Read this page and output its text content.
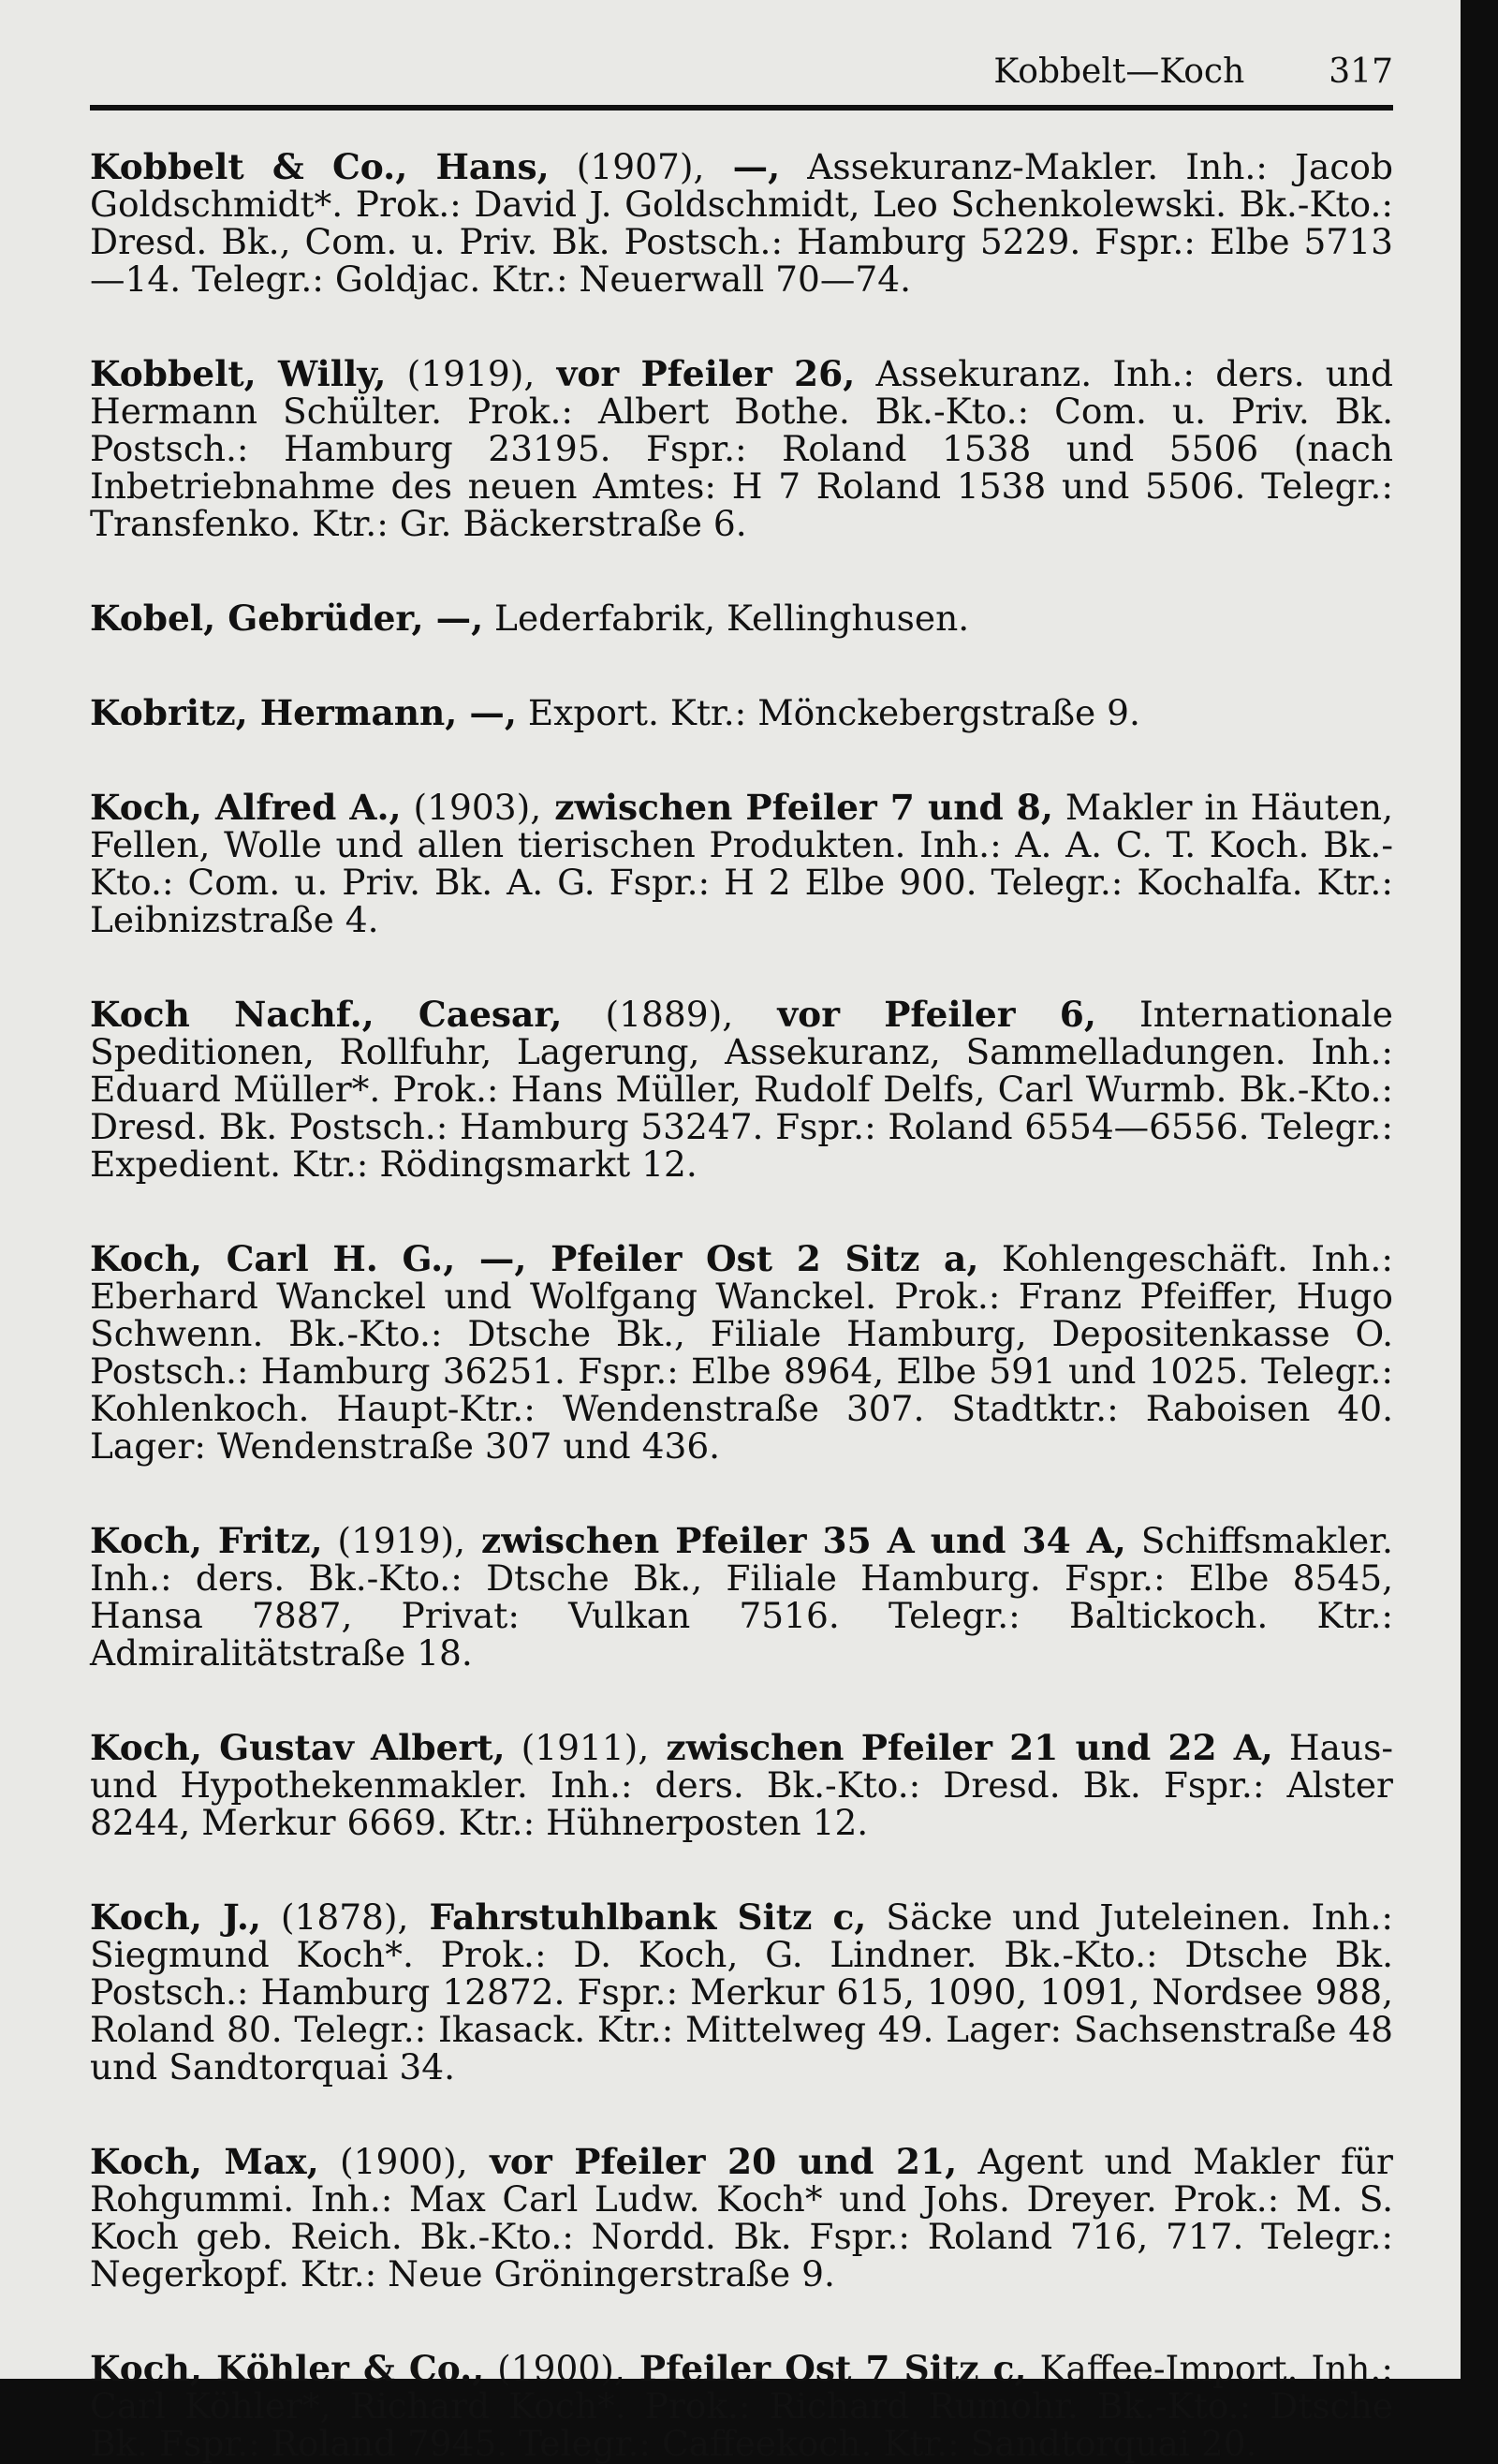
Kobbelt—Koch	317

Kobbelt & Co., Hans, (1907), —, Assekuranz-Makler. Inh.: Jacob Goldschmidt*. Prok.: David J. Goldschmidt, Leo Schenkolewski. Bk.-Kto.: Dresd. Bk., Com. u. Priv. Bk. Postsch.: Hamburg 5229. Fspr.: Elbe 5713—14. Telegr.: Goldjac. Ktr.: Neuerwall 70—74.

Kobbelt, Willy, (1919), vor Pfeiler 26, Assekuranz. Inh.: ders. und Hermann Schülter. Prok.: Albert Bothe. Bk.-Kto.: Com. u. Priv. Bk. Postsch.: Hamburg 23195. Fspr.: Roland 1538 und 5506 (nach Inbetriebnahme des neuen Amtes: H 7 Roland 1538 und 5506. Telegr.: Transfenko. Ktr.: Gr. Bäckerstraße 6.

Kobel, Gebrüder, —, Lederfabrik, Kellinghusen.

Kobritz, Hermann, —, Export. Ktr.: Mönckebergstraße 9.

Koch, Alfred A., (1903), zwischen Pfeiler 7 und 8, Makler in Häuten, Fellen, Wolle und allen tierischen Produkten. Inh.: A. A. C. T. Koch. Bk.-Kto.: Com. u. Priv. Bk. A. G. Fspr.: H 2 Elbe 900. Telegr.: Kochalfa. Ktr.: Leibnizstraße 4.

Koch Nachf., Caesar, (1889), vor Pfeiler 6, Internationale Speditionen, Rollfuhr, Lagerung, Assekuranz, Sammelladungen. Inh.: Eduard Müller*. Prok.: Hans Müller, Rudolf Delfs, Carl Wurmb. Bk.-Kto.: Dresd. Bk. Postsch.: Hamburg 53247. Fspr.: Roland 6554—6556. Telegr.: Expedient. Ktr.: Rödingsmarkt 12.

Koch, Carl H. G., —, Pfeiler Ost 2 Sitz a, Kohlengeschäft. Inh.: Eberhard Wanckel und Wolfgang Wanckel. Prok.: Franz Pfeiffer, Hugo Schwenn. Bk.-Kto.: Dtsche Bk., Filiale Hamburg, Depositenkasse O. Postsch.: Hamburg 36251. Fspr.: Elbe 8964, Elbe 591 und 1025. Telegr.: Kohlenkoch. Haupt-Ktr.: Wendenstraße 307. Stadtktr.: Raboisen 40. Lager: Wendenstraße 307 und 436.

Koch, Fritz, (1919), zwischen Pfeiler 35 A und 34 A, Schiffsmakler. Inh.: ders. Bk.-Kto.: Dtsche Bk., Filiale Hamburg. Fspr.: Elbe 8545, Hansa 7887, Privat: Vulkan 7516. Telegr.: Baltickoch. Ktr.: Admiralitätstraße 18.

Koch, Gustav Albert, (1911), zwischen Pfeiler 21 und 22 A, Haus- und Hypothekenmakler. Inh.: ders. Bk.-Kto.: Dresd. Bk. Fspr.: Alster 8244, Merkur 6669. Ktr.: Hühnerposten 12.

Koch, J., (1878), Fahrstuhlbank Sitz c, Säcke und Juteleinen. Inh.: Siegmund Koch*. Prok.: D. Koch, G. Lindner. Bk.-Kto.: Dtsche Bk. Postsch.: Hamburg 12872. Fspr.: Merkur 615, 1090, 1091, Nordsee 988, Roland 80. Telegr.: Ikasack. Ktr.: Mittelweg 49. Lager: Sachsenstraße 48 und Sandtorquai 34.

Koch, Max, (1900), vor Pfeiler 20 und 21, Agent und Makler für Rohgummi. Inh.: Max Carl Ludw. Koch* und Johs. Dreyer. Prok.: M. S. Koch geb. Reich. Bk.-Kto.: Nordd. Bk. Fspr.: Roland 716, 717. Telegr.: Negerkopf. Ktr.: Neue Gröningerstraße 9.

Koch, Köhler & Co., (1900), Pfeiler Ost 7 Sitz c, Kaffee-Import. Inh.: Carl Köhler*, Richard Koch*. Prok.: Richard Rumohr. Bk.-Kto.: Dtsche Bk. Fspr.: Roland 7945. Telegr.: Caffeekoch. Ktr.: Sandtorquai 20.
